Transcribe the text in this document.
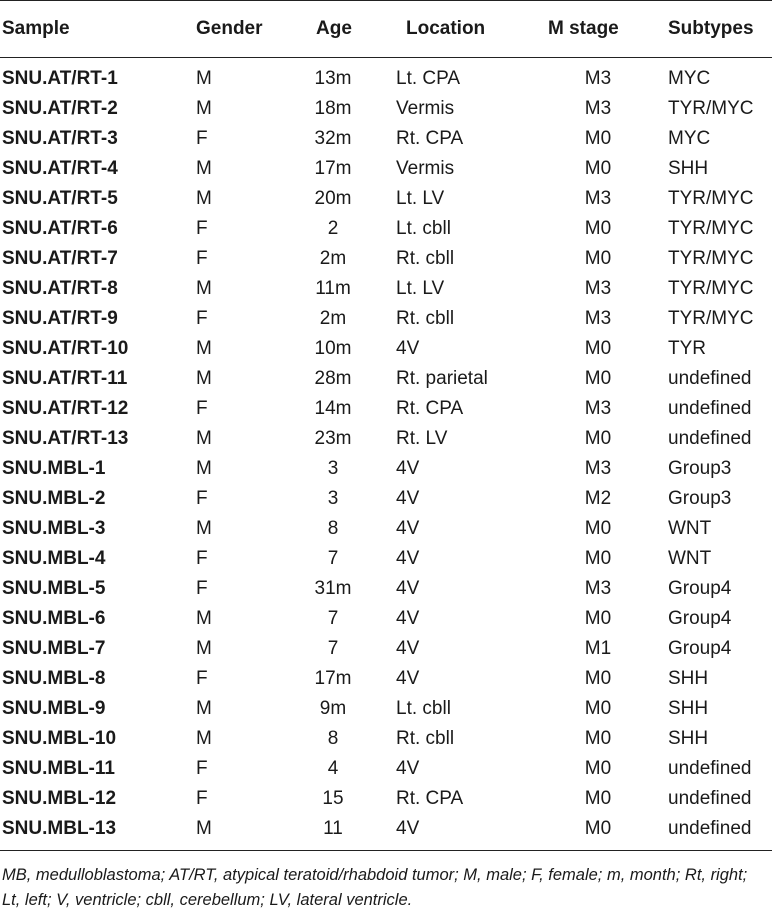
Sample	Gender	Age	Location	M stage	Subtypes
SNU.AT/RT-1	M	13m	Lt. CPA	M3	MYC
SNU.AT/RT-2	M	18m	Vermis	M3	TYR/MYC
SNU.AT/RT-3	F	32m	Rt. CPA	M0	MYC
SNU.AT/RT-4	M	17m	Vermis	M0	SHH
SNU.AT/RT-5	M	20m	Lt. LV	M3	TYR/MYC
SNU.AT/RT-6	F	2	Lt. cbll	M0	TYR/MYC
SNU.AT/RT-7	F	2m	Rt. cbll	M0	TYR/MYC
SNU.AT/RT-8	M	11m	Lt. LV	M3	TYR/MYC
SNU.AT/RT-9	F	2m	Rt. cbll	M3	TYR/MYC
SNU.AT/RT-10	M	10m	4V	M0	TYR
SNU.AT/RT-11	M	28m	Rt. parietal	M0	undefined
SNU.AT/RT-12	F	14m	Rt. CPA	M3	undefined
SNU.AT/RT-13	M	23m	Rt. LV	M0	undefined
SNU.MBL-1	M	3	4V	M3	Group3
SNU.MBL-2	F	3	4V	M2	Group3
SNU.MBL-3	M	8	4V	M0	WNT
SNU.MBL-4	F	7	4V	M0	WNT
SNU.MBL-5	F	31m	4V	M3	Group4
SNU.MBL-6	M	7	4V	M0	Group4
SNU.MBL-7	M	7	4V	M1	Group4
SNU.MBL-8	F	17m	4V	M0	SHH
SNU.MBL-9	M	9m	Lt. cbll	M0	SHH
SNU.MBL-10	M	8	Rt. cbll	M0	SHH
SNU.MBL-11	F	4	4V	M0	undefined
SNU.MBL-12	F	15	Rt. CPA	M0	undefined
SNU.MBL-13	M	11	4V	M0	undefined
MB, medulloblastoma; AT/RT, atypical teratoid/rhabdoid tumor; M, male; F, female; m, month; Rt, right; Lt, left; V, ventricle; cbll, cerebellum; LV, lateral ventricle.
